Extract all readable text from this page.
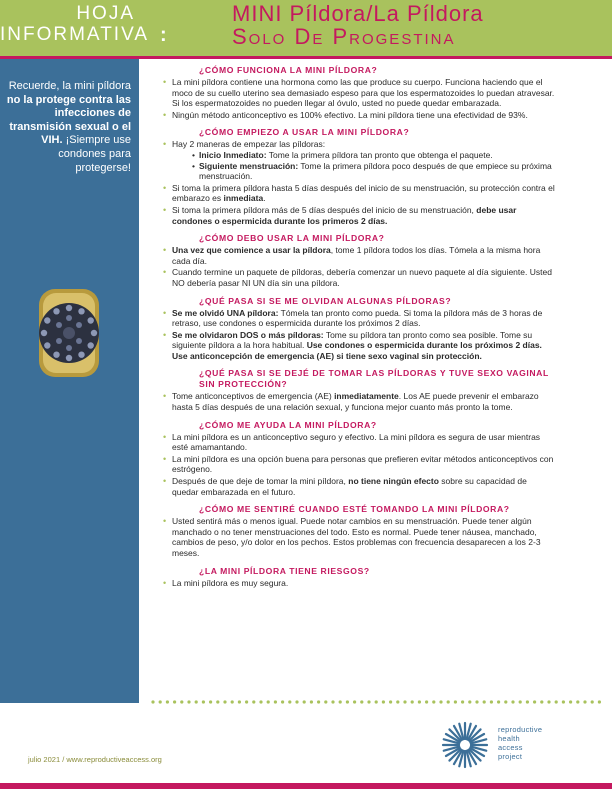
HOJA
INFORMATIVA :
MINI Píldora/La Píldora
Solo De Progestina
Recuerde, la mini píldora no la protege contra las infecciones de transmisión sexual o el VIH. ¡Siempre use condones para protegerse!
¿CÓMO FUNCIONA LA MINI PÍLDORA?
• La mini píldora contiene una hormona como las que produce su cuerpo. Funciona haciendo que el moco de su cuello uterino sea demasiado espeso para que los espermatozoides lo puedan atravesar. Si los espermatozoides no pueden llegar al óvulo, usted no puede quedar embarazada.
• Ningún método anticonceptivo es 100% efectivo. La mini píldora tiene una efectividad de 93%.
¿CÓMO EMPIEZO A USAR LA MINI PÍLDORA?
• Hay 2 maneras de empezar las píldoras:
• Inicio Inmediato: Tome la primera píldora tan pronto que obtenga el paquete.
• Siguiente menstruación: Tome la primera píldora poco después de que empiece su próxima menstruación.
• Si toma la primera píldora hasta 5 días después del inicio de su menstruación, su protección contra el embarazo es inmediata.
• Si toma la primera píldora más de 5 días después del inicio de su menstruación, debe usar condones o espermicida durante los primeros 2 días.
¿CÓMO DEBO USAR LA MINI PÍLDORA?
• Una vez que comience a usar la píldora, tome 1 píldora todos los días. Tómela a la misma hora cada día.
• Cuando termine un paquete de píldoras, debería comenzar un nuevo paquete al día siguiente. Usted NO debería pasar NI UN día sin una píldora.
¿QUÉ PASA SI SE ME OLVIDAN ALGUNAS PÍLDORAS?
• Se me olvidó UNA píldora: Tómela tan pronto como pueda. Si toma la píldora más de 3 horas de retraso, use condones o espermicida durante los próximos 2 días.
• Se me olvidaron DOS o más píldoras: Tome su píldora tan pronto como sea posible. Tome su siguiente píldora a la hora habitual. Use condones o espermicida durante los próximos 2 días. Use anticoncepción de emergencia (AE) si tiene sexo vaginal sin protección.
¿QUÉ PASA SI SE DEJÉ DE TOMAR LAS PÍLDORAS Y TUVE SEXO VAGINAL SIN PROTECCIÓN?
• Tome anticonceptivos de emergencia (AE) inmediatamente. Los AE puede prevenir el embarazo hasta 5 días después de una relación sexual, y funciona mejor cuanto más pronto la tome.
¿CÓMO ME AYUDA LA MINI PÍLDORA?
• La mini píldora es un anticonceptivo seguro y efectivo. La mini píldora es segura de usar mientras esté amamantando.
• La mini píldora es una opción buena para personas que prefieren evitar métodos anticonceptivos con estrógeno.
• Después de que deje de tomar la mini píldora, no tiene ningún efecto sobre su capacidad de quedar embarazada en el futuro.
¿CÓMO ME SENTIRÉ CUANDO ESTÉ TOMANDO LA MINI PÍLDORA?
• Usted sentirá más o menos igual. Puede notar cambios en su menstruación. Puede tener algún manchado o no tener menstruaciones del todo. Esto es normal. Puede tener náusea, manchado, cambios de peso, y/o dolor en los pechos. Estos problemas con frecuencia desaparecen a los 2-3 meses.
¿LA MINI PÍLDORA TIENE RIESGOS?
• La mini píldora es muy segura.
julio 2021 / www.reproductiveaccess.org
reproductive
health
access
project
